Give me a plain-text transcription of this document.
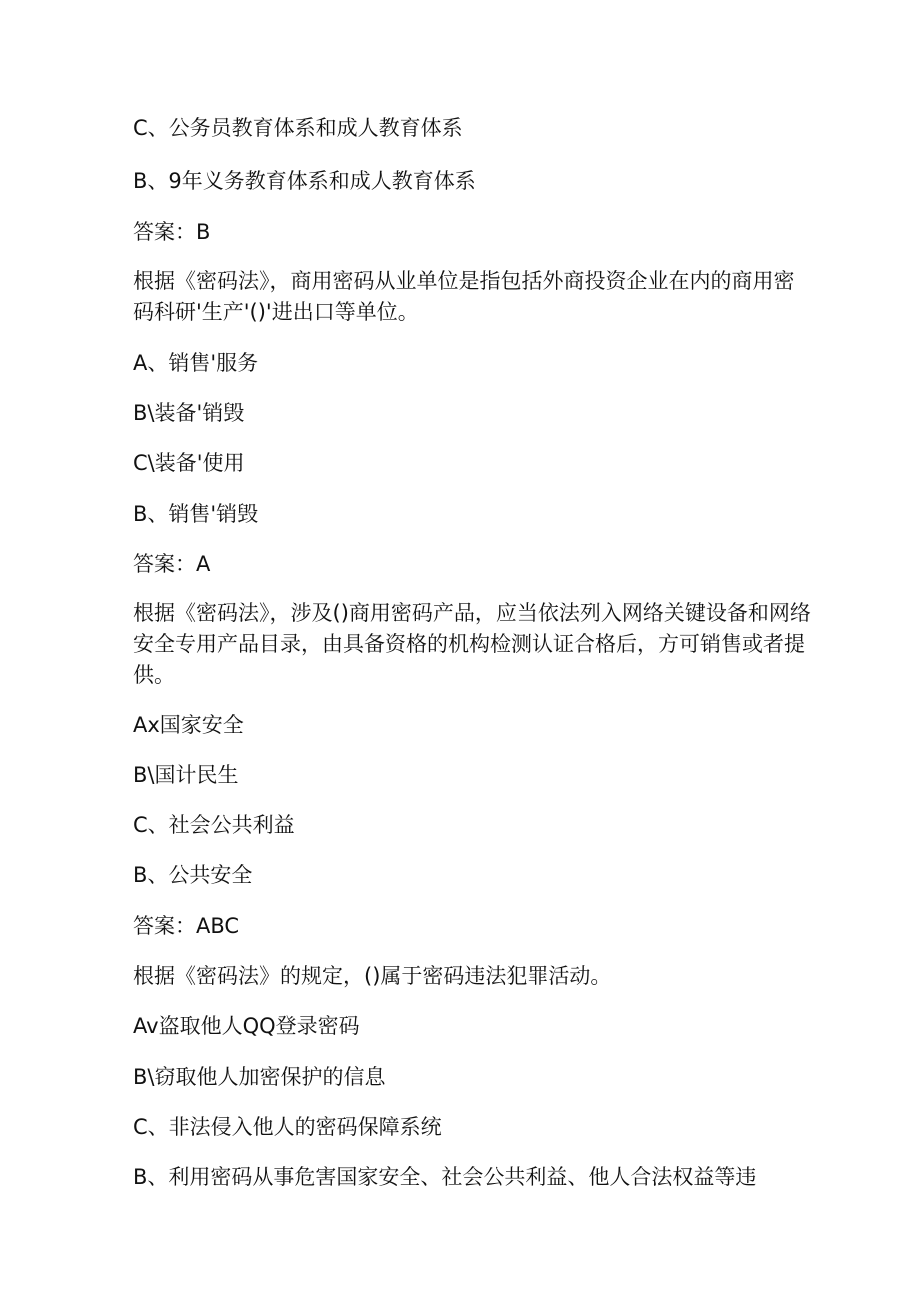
C、公务员教育体系和成人教育体系
B、9年义务教育体系和成人教育体系
答案：B
根据《密码法》，商用密码从业单位是指包括外商投资企业在内的商用密码科研'生产'()'进出口等单位。
A、销售'服务
B\装备'销毁
C\装备'使用
B、销售'销毁
答案：A
根据《密码法》，涉及()商用密码产品，应当依法列入网络关键设备和网络安全专用产品目录，由具备资格的机构检测认证合格后，方可销售或者提供。
Ax国家安全
B\国计民生
C、社会公共利益
B、公共安全
答案：ABC
根据《密码法》的规定，()属于密码违法犯罪活动。
Av盗取他人QQ登录密码
B\窃取他人加密保护的信息
C、非法侵入他人的密码保障系统
B、利用密码从事危害国家安全、社会公共利益、他人合法权益等违
